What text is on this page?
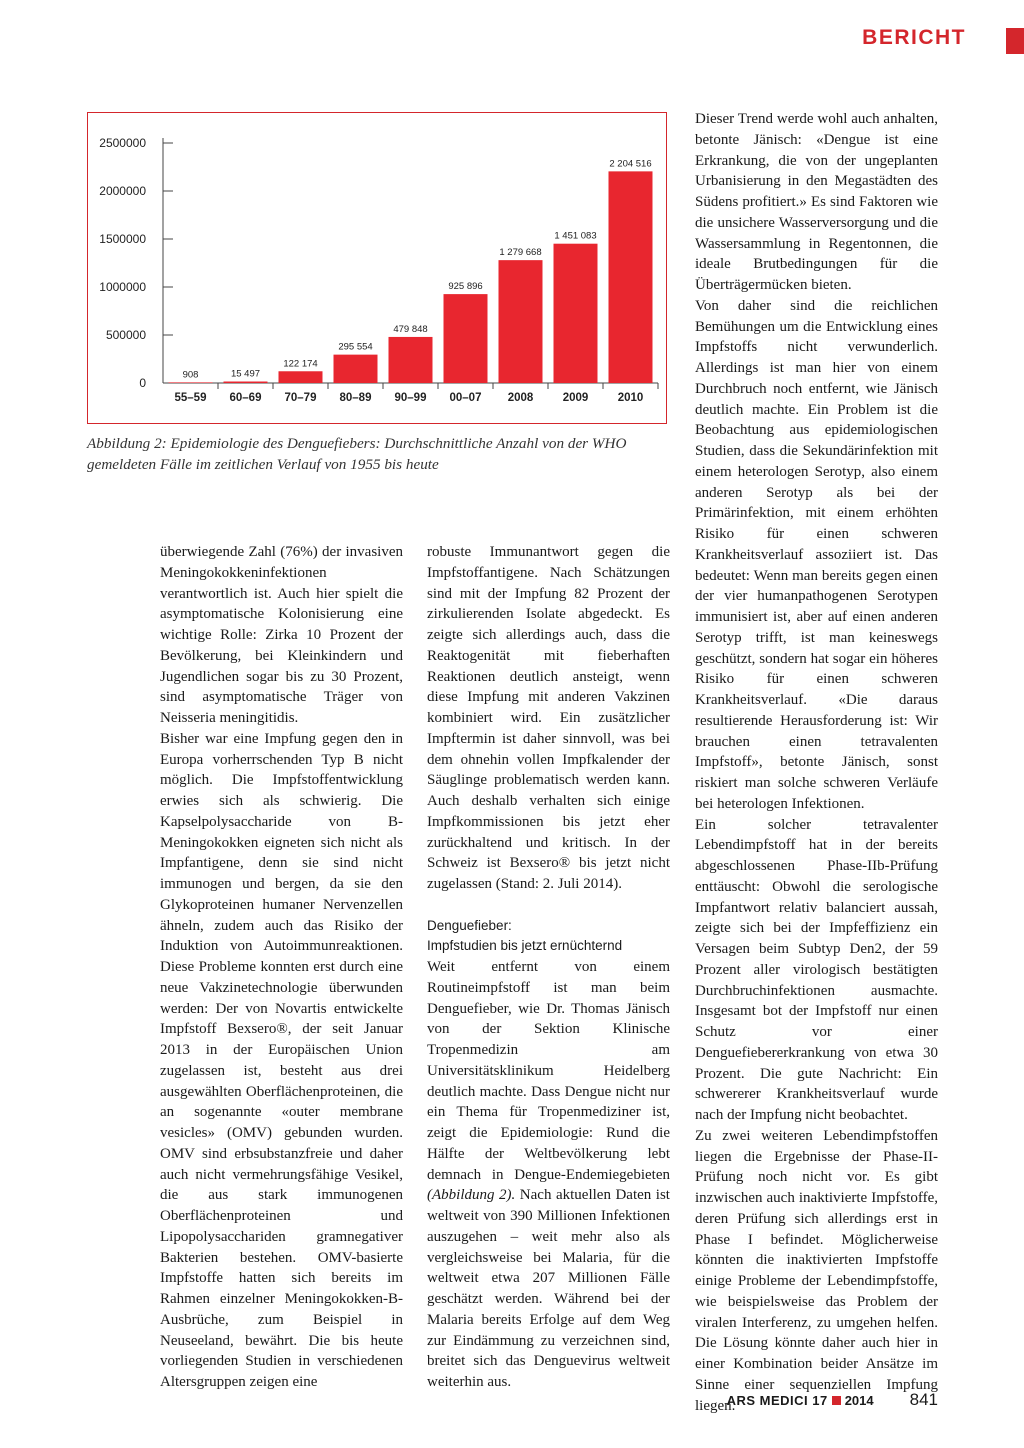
BERICHT
0
500000
1000000
1500000
2000000
2500000
908
55–59
15 497
60–69
122 174
70–79
295 554
80–89
479 848
90–99
925 896
00–07
1 279 668
2008
1 451 083
2009
2 204 516
2010
Abbildung 2: Epidemiologie des Denguefiebers: Durchschnittliche Anzahl von der WHO gemeldeten Fälle im zeitlichen Verlauf von 1955 bis heute

überwiegende Zahl (76%) der invasiven Meningokokkeninfektionen verantwortlich ist. Auch hier spielt die asymptomatische Kolonisierung eine wichtige Rolle: Zirka 10 Prozent der Bevölkerung, bei Kleinkindern und Jugendlichen sogar bis zu 30 Prozent, sind asymptomatische Träger von Neisseria meningitidis.

Bisher war eine Impfung gegen den in Europa vorherrschenden Typ B nicht möglich. Die Impfstoffentwicklung erwies sich als schwierig. Die Kapselpolysaccharide von B-Meningokokken eigneten sich nicht als Impfantigene, denn sie sind nicht immunogen und bergen, da sie den Glykoproteinen humaner Nervenzellen ähneln, zudem auch das Risiko der Induktion von Autoimmunreaktionen. Diese Probleme konnten erst durch eine neue Vakzinetechnologie überwunden werden: Der von Novartis entwickelte Impfstoff Bexsero®, der seit Januar 2013 in der Europäischen Union zugelassen ist, besteht aus drei ausgewählten Oberflächenproteinen, die an sogenannte «outer membrane vesicles» (OMV) gebunden wurden. OMV sind erbsubstanzfreie und daher auch nicht vermehrungsfähige Vesikel, die aus stark immunogenen Oberflächenproteinen und Lipopolysacchariden gramnegativer Bakterien bestehen. OMV-basierte Impfstoffe hatten sich bereits im Rahmen einzelner Meningokokken-B-Ausbrüche, zum Beispiel in Neuseeland, bewährt. Die bis heute vorliegenden Studien in verschiedenen Altersgruppen zeigen eine

robuste Immunantwort gegen die Impfstoffantigene. Nach Schätzungen sind mit der Impfung 82 Prozent der zirkulierenden Isolate abgedeckt. Es zeigte sich allerdings auch, dass die Reaktogenität mit fieberhaften Reaktionen deutlich ansteigt, wenn diese Impfung mit anderen Vakzinen kombiniert wird. Ein zusätzlicher Impftermin ist daher sinnvoll, was bei dem ohnehin vollen Impfkalender der Säuglinge problematisch werden kann. Auch deshalb verhalten sich einige Impfkommissionen bis jetzt eher zurückhaltend und kritisch. In der Schweiz ist Bexsero® bis jetzt nicht zugelassen (Stand: 2. Juli 2014).

Denguefieber:
Impfstudien bis jetzt ernüchternd

Weit entfernt von einem Routineimpfstoff ist man beim Denguefieber, wie Dr. Thomas Jänisch von der Sektion Klinische Tropenmedizin am Universitätsklinikum Heidelberg deutlich machte. Dass Dengue nicht nur ein Thema für Tropenmediziner ist, zeigt die Epidemiologie: Rund die Hälfte der Weltbevölkerung lebt demnach in Dengue-Endemiegebieten (Abbildung 2). Nach aktuellen Daten ist weltweit von 390 Millionen Infektionen auszugehen – weit mehr also als vergleichsweise bei Malaria, für die weltweit etwa 207 Millionen Fälle geschätzt werden. Während bei der Malaria bereits Erfolge auf dem Weg zur Eindämmung zu verzeichnen sind, breitet sich das Denguevirus weltweit weiterhin aus.

Dieser Trend werde wohl auch anhalten, betonte Jänisch: «Dengue ist eine Erkrankung, die von der ungeplanten Urbanisierung in den Megastädten des Südens profitiert.» Es sind Faktoren wie die unsichere Wasserversorgung und die Wassersammlung in Regentonnen, die ideale Brutbedingungen für die Überträgermücken bieten.

Von daher sind die reichlichen Bemühungen um die Entwicklung eines Impfstoffs nicht verwunderlich. Allerdings ist man hier von einem Durchbruch noch entfernt, wie Jänisch deutlich machte. Ein Problem ist die Beobachtung aus epidemiologischen Studien, dass die Sekundärinfektion mit einem heterologen Serotyp, also einem anderen Serotyp als bei der Primärinfektion, mit einem erhöhten Risiko für einen schweren Krankheitsverlauf assoziiert ist. Das bedeutet: Wenn man bereits gegen einen der vier humanpathogenen Serotypen immunisiert ist, aber auf einen anderen Serotyp trifft, ist man keineswegs geschützt, sondern hat sogar ein höheres Risiko für einen schweren Krankheitsverlauf. «Die daraus resultierende Herausforderung ist: Wir brauchen einen tetravalenten Impfstoff», betonte Jänisch, sonst riskiert man solche schweren Verläufe bei heterologen Infektionen.

Ein solcher tetravalenter Lebendimpfstoff hat in der bereits abgeschlossenen Phase-IIb-Prüfung enttäuscht: Obwohl die serologische Impfantwort relativ balanciert aussah, zeigte sich bei der Impfeffizienz ein Versagen beim Subtyp Den2, der 59 Prozent aller virologisch bestätigten Durchbruchinfektionen ausmachte. Insgesamt bot der Impfstoff nur einen Schutz vor einer Denguefiebererkrankung von etwa 30 Prozent. Die gute Nachricht: Ein schwererer Krankheitsverlauf wurde nach der Impfung nicht beobachtet.

Zu zwei weiteren Lebendimpfstoffen liegen die Ergebnisse der Phase-II-Prüfung noch nicht vor. Es gibt inzwischen auch inaktivierte Impfstoffe, deren Prüfung sich allerdings erst in Phase I befindet. Möglicherweise könnten die inaktivierten Impfstoffe einige Probleme der Lebendimpfstoffe, wie beispielsweise das Problem der viralen Interferenz, zu umgehen helfen. Die Lösung könnte daher auch hier in einer Kombination beider Ansätze im Sinne einer sequenziellen Impfung liegen.

ARS MEDICI 17 2014 841
